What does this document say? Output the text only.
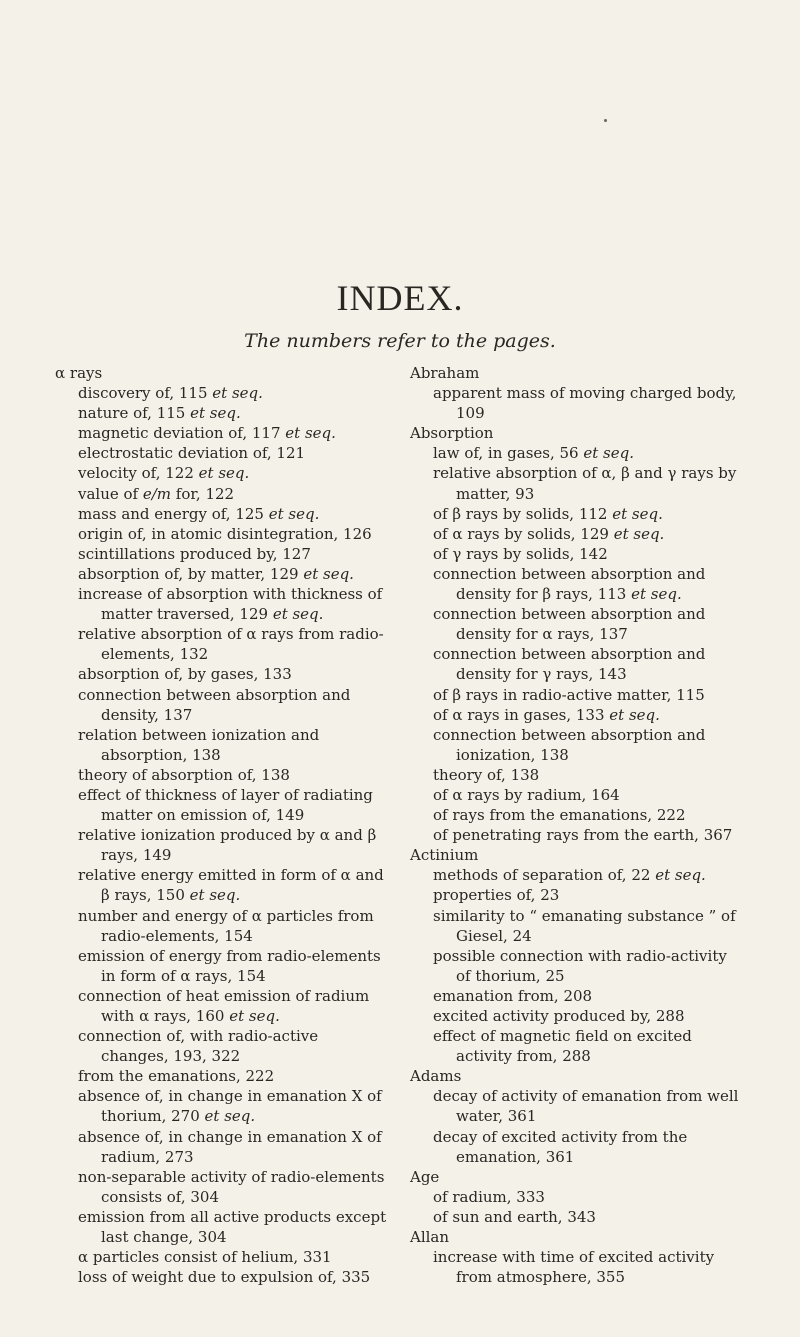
INDEX.
The numbers refer to the pages.
α rays
discovery of, 115 et seq.
nature of, 115 et seq.
magnetic deviation of, 117 et seq.
electrostatic deviation of, 121
velocity of, 122 et seq.
value of e/m for, 122
mass and energy of, 125 et seq.
origin of, in atomic disintegration, 126
scintillations produced by, 127
absorption of, by matter, 129 et seq.
increase of absorption with thickness of matter traversed, 129 et seq.
relative absorption of α rays from radio-elements, 132
absorption of, by gases, 133
connection between absorption and density, 137
relation between ionization and absorption, 138
theory of absorption of, 138
effect of thickness of layer of radiating matter on emission of, 149
relative ionization produced by α and β rays, 149
relative energy emitted in form of α and β rays, 150 et seq.
number and energy of α particles from radio-elements, 154
emission of energy from radio-elements in form of α rays, 154
connection of heat emission of radium with α rays, 160 et seq.
connection of, with radio-active changes, 193, 322
from the emanations, 222
absence of, in change in emanation X of thorium, 270 et seq.
absence of, in change in emanation X of radium, 273
non-separable activity of radio-elements consists of, 304
emission from all active products except last change, 304
α particles consist of helium, 331
loss of weight due to expulsion of, 335
Abraham
apparent mass of moving charged body, 109
Absorption
law of, in gases, 56 et seq.
relative absorption of α, β and γ rays by matter, 93
of β rays by solids, 112 et seq.
of α rays by solids, 129 et seq.
of γ rays by solids, 142
connection between absorption and density for β rays, 113 et seq.
connection between absorption and density for α rays, 137
connection between absorption and density for γ rays, 143
of β rays in radio-active matter, 115
of α rays in gases, 133 et seq.
connection between absorption and ionization, 138
theory of, 138
of α rays by radium, 164
of rays from the emanations, 222
of penetrating rays from the earth, 367
Actinium
methods of separation of, 22 et seq.
properties of, 23
similarity to “ emanating substance ” of Giesel, 24
possible connection with radio-activity of thorium, 25
emanation from, 208
excited activity produced by, 288
effect of magnetic field on excited activity from, 288
Adams
decay of activity of emanation from well water, 361
decay of excited activity from the emanation, 361
Age
of radium, 333
of sun and earth, 343
Allan
increase with time of excited activity from atmosphere, 355
